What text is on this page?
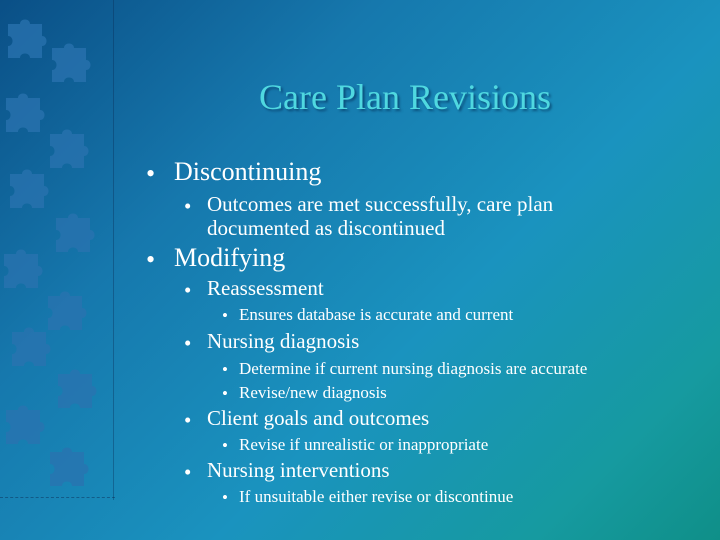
Care Plan Revisions
• Discontinuing
• Outcomes are met successfully, care plan
documented as discontinued
• Modifying
• Reassessment
• Ensures database is accurate and current
• Nursing diagnosis
• Determine if current nursing diagnosis are accurate
• Revise/new diagnosis
• Client goals and outcomes
• Revise if unrealistic or inappropriate
• Nursing interventions
• If unsuitable either revise or discontinue
